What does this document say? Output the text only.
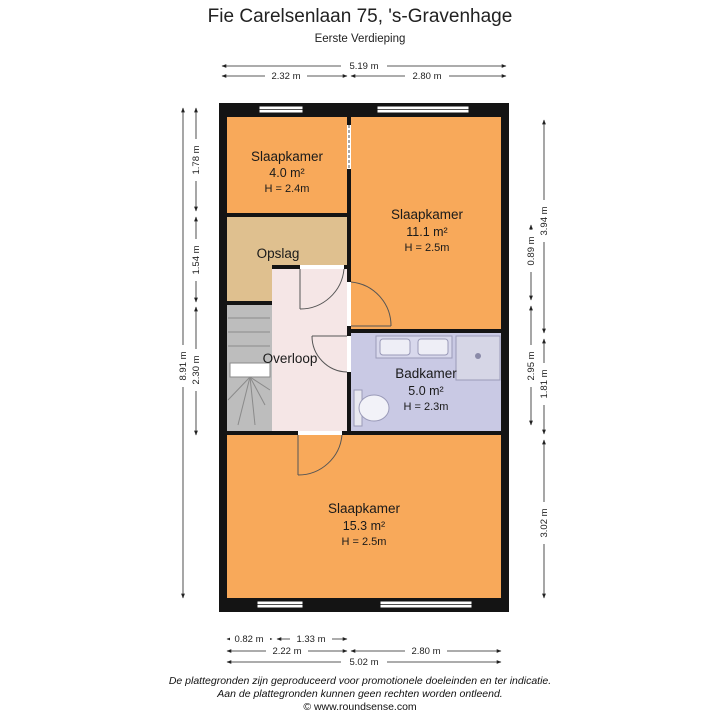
Fie Carelsenlaan 75, 's-Gravenhage
Eerste Verdieping
Slaapkamer
4.0 m²
H = 2.4m
Slaapkamer
11.1 m²
H = 2.5m
Opslag
Overloop
Badkamer
5.0 m²
H = 2.3m
Slaapkamer
15.3 m²
H = 2.5m
5.19 m
2.32 m	2.80 m
8.91 m
1.78 m
1.54 m
2.30 m
0.89 m
2.95 m
3.94 m
1.81 m
3.02 m
0.82 m	1.33 m
2.22 m	2.80 m
5.02 m
De plattegronden zijn geproduceerd voor promotionele doeleinden en ter indicatie.
Aan de plattegronden kunnen geen rechten worden ontleend.
© www.roundsense.com
